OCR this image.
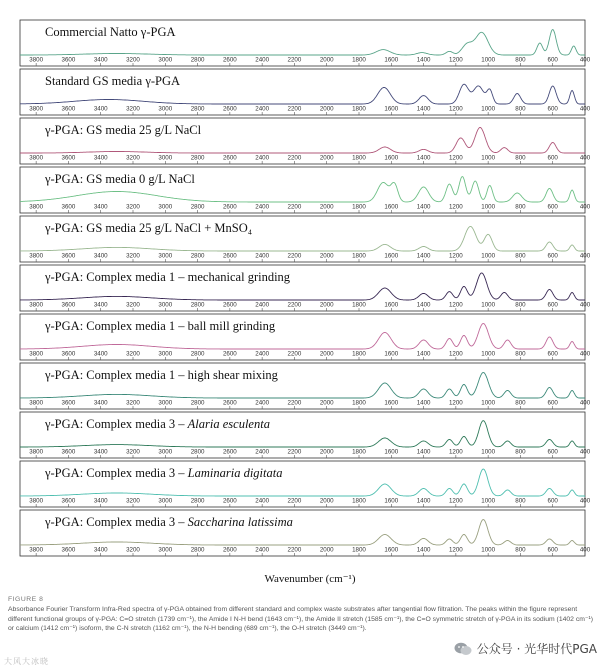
Commercial Natto γ-PGA
3800	3600	3400	3200	3000	2800	2600	2400	2200	2000	1800	1600	1400	1200	1000	800	600	400
Standard GS media γ-PGA
3800	3600	3400	3200	3000	2800	2600	2400	2200	2000	1800	1600	1400	1200	1000	800	600	400
γ-PGA: GS media 25 g/L NaCl
3800	3600	3400	3200	3000	2800	2600	2400	2200	2000	1800	1600	1400	1200	1000	800	600	400
γ-PGA: GS media 0 g/L NaCl
3800	3600	3400	3200	3000	2800	2600	2400	2200	2000	1800	1600	1400	1200	1000	800	600	400
γ-PGA: GS media 25 g/L NaCl + MnSO₄
3800	3600	3400	3200	3000	2800	2600	2400	2200	2000	1800	1600	1400	1200	1000	800	600	400
γ-PGA: Complex media 1 – mechanical grinding
3800	3600	3400	3200	3000	2800	2600	2400	2200	2000	1800	1600	1400	1200	1000	800	600	400
γ-PGA: Complex media 1 – ball mill grinding
3800	3600	3400	3200	3000	2800	2600	2400	2200	2000	1800	1600	1400	1200	1000	800	600	400
γ-PGA: Complex media 1 – high shear mixing
3800	3600	3400	3200	3000	2800	2600	2400	2200	2000	1800	1600	1400	1200	1000	800	600	400
γ-PGA: Complex media 3 – Alaria esculenta
3800	3600	3400	3200	3000	2800	2600	2400	2200	2000	1800	1600	1400	1200	1000	800	600	400
γ-PGA: Complex media 3 – Laminaria digitata
3800	3600	3400	3200	3000	2800	2600	2400	2200	2000	1800	1600	1400	1200	1000	800	600	400
γ-PGA: Complex media 3 – Saccharina latissima
3800	3600	3400	3200	3000	2800	2600	2400	2200	2000	1800	1600	1400	1200	1000	800	600	400
Wavenumber (cm⁻¹)
FIGURE 8
Absorbance Fourier Transform Infra-Red spectra of γ-PGA obtained from different standard and complex waste substrates after tangential flow filtration. The peaks within the figure represent different functional groups of γ-PGA: C=O stretch (1739 cm⁻¹), the Amide I N-H bend (1643 cm⁻¹), the Amide II stretch (1585 cm⁻¹), the C=O symmetric stretch of γ-PGA in its sodium (1402 cm⁻¹) or calcium (1412 cm⁻¹) isoform, the C-N stretch (1162 cm⁻¹), the N-H bending (689 cm⁻¹), the O-H stretch (3449 cm⁻¹).
大风大冰晓
公众号 · 光华时代PGA
